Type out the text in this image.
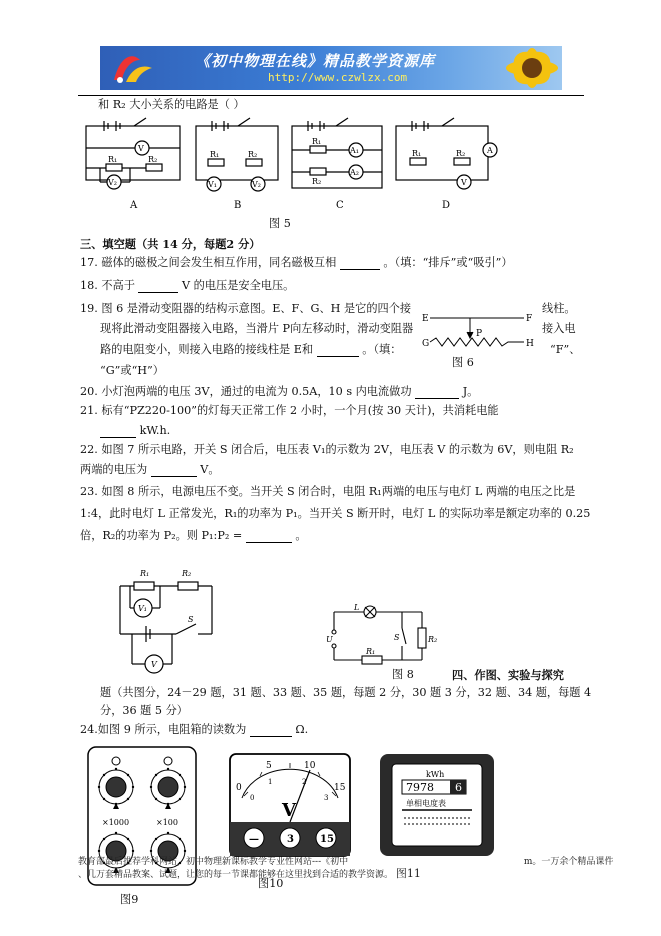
《初中物理在线》精品教学资源库
http://www.czwlzx.com
和 R₂ 大小关系的电路是（ ）
R₁	R₂
V₂
V
R₁	R₂
V₁	V₂
R₁
R₂
A₁
A₂
R₁	R₂	A
V
A	B	C	D
图 5
三、填空题（共 14 分，每题2 分）
17. 磁体的磁极之间会发生相互作用，同名磁极互相	。（填：“排斥”或“吸引”）
18. 不高于	V 的电压是安全电压。
19. 图 6 是滑动变阻器的结构示意图。E、F、G、H 是它的四个接	线柱。
现将此滑动变阻器接入电路，当滑片 P向左移动时，滑动变阻器	接入电
路的电阻变小，则接入电路的接线柱是 E和	。（填：	“F”、
“G”或“H”）
E	F
G	H
P
图 6
20. 小灯泡两端的电压 3V，通过的电流为 0.5A，10 s 内电流做功	J。
21. 标有“PZ220-100”的灯每天正常工作 2 小时，一个月(按 30 天计)，共消耗电能
kW.h.
22. 如图 7 所示电路，开关 S 闭合后，电压表 V₁的示数为 2V，电压表 V 的示数为 6V，则电阻 R₂
两端的电压为	V。
23. 如图 8 所示，电源电压不变。当开关 S 闭合时，电阻 R₁两端的电压与电灯 L 两端的电压之比是
1:4，此时电灯 L 正常发光，R₁的功率为 P₁。当开关 S 断开时，电灯 L 的实际功率是额定功率的 0.25
倍，R₂的功率为 P₂。则 P₁:P₂ =	。
R₁	R₂
V₁
V
S
L
R₁
R₂
S
U
图 8	四、作图、实验与探究
题（共图分，24－29 题，31 题、33 题、35 题，每题 2 分，30 题 3 分，32 题、34 题，每题 4
分，36 题 5 分）
24.如图 9 所示，电阻箱的读数为	Ω.
×1000	×100
图9
0
5	10
15
0
1	2
3
V
—	3	15
图10
kWh
7978 6
单相电度表
教育部最后推荐学科网站，初中物理新课标教学专业性网站---《初中	m。一万余个精品课件
、几万套精品教案、试题，让您的每一节课都能够在这里找到合适的教学资源。 图11
